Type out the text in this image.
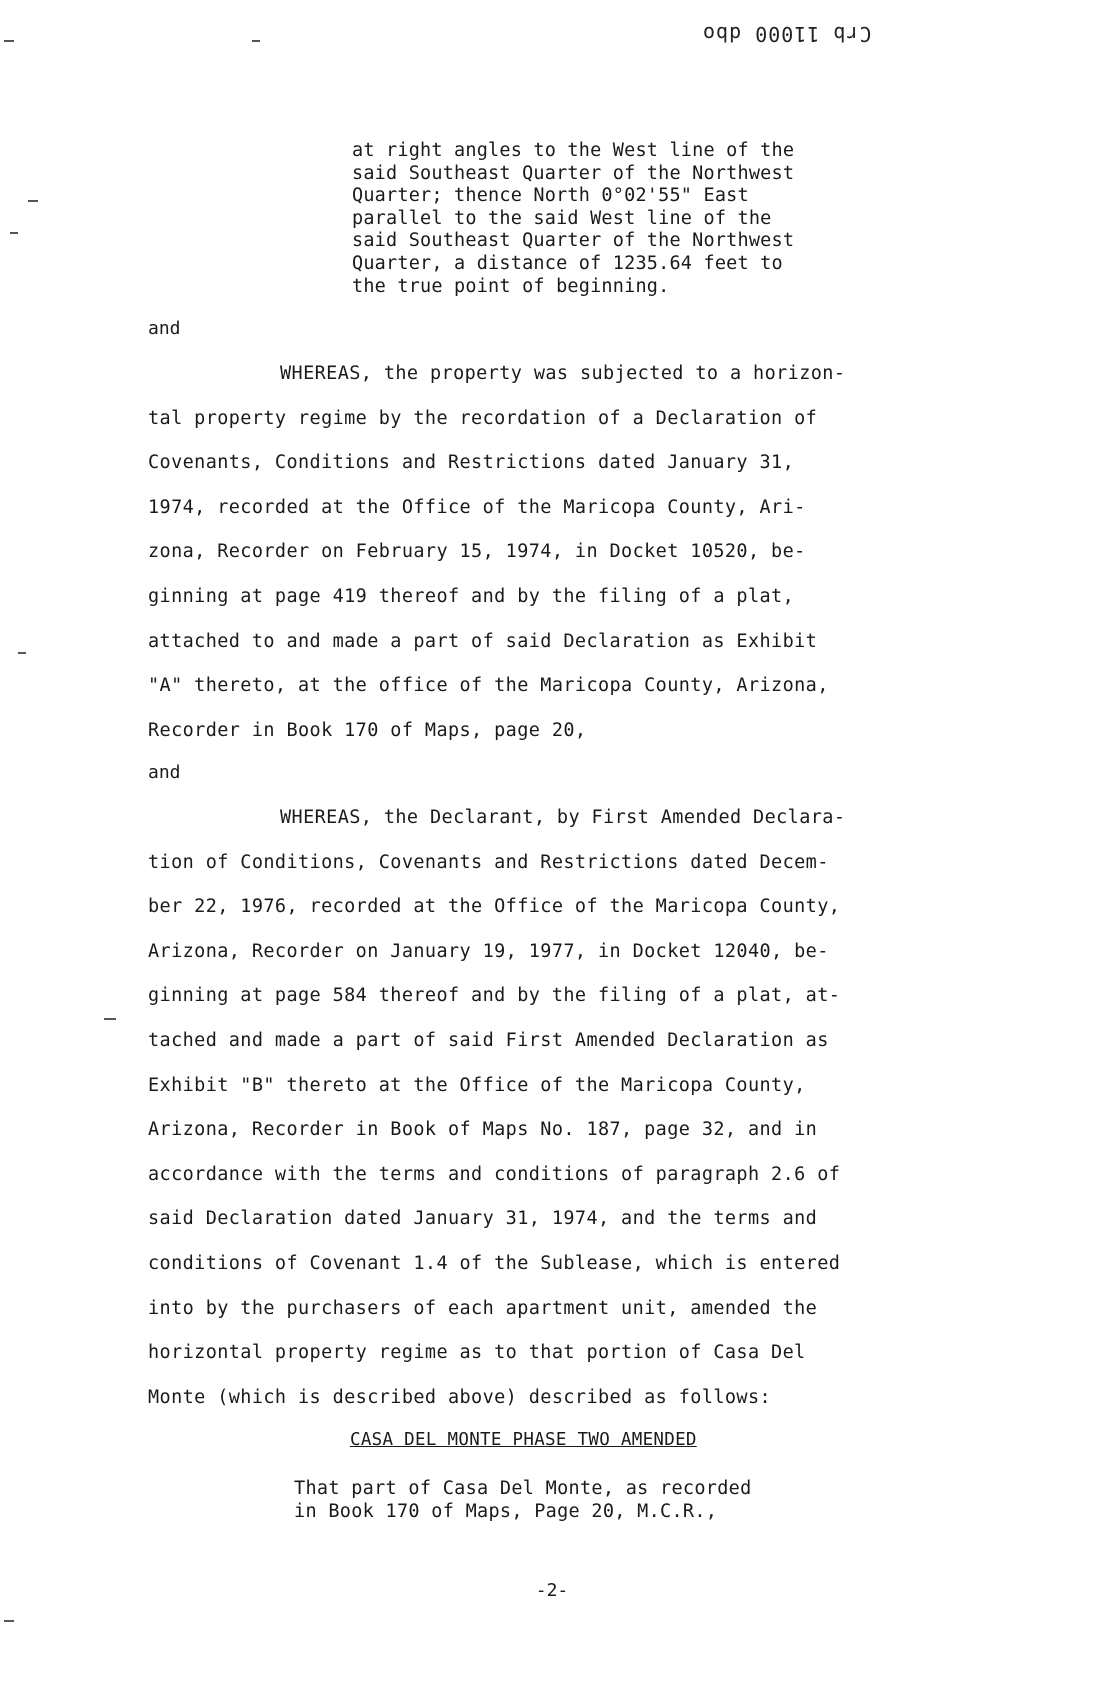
Crb 11000 dbo
at right angles to the West line of the
said Southeast Quarter of the Northwest
Quarter; thence North 0°02'55" East
parallel to the said West line of the
said Southeast Quarter of the Northwest
Quarter, a distance of 1235.64 feet to
the true point of beginning.
and
WHEREAS, the property was subjected to a horizon-
tal property regime by the recordation of a Declaration of
Covenants, Conditions and Restrictions dated January 31,
1974, recorded at the Office of the Maricopa County, Ari-
zona, Recorder on February 15, 1974, in Docket 10520, be-
ginning at page 419 thereof and by the filing of a plat,
attached to and made a part of said Declaration as Exhibit
"A" thereto, at the office of the Maricopa County, Arizona,
Recorder in Book 170 of Maps, page 20,
and
WHEREAS, the Declarant, by First Amended Declara-
tion of Conditions, Covenants and Restrictions dated Decem-
ber 22, 1976, recorded at the Office of the Maricopa County,
Arizona, Recorder on January 19, 1977, in Docket 12040, be-
ginning at page 584 thereof and by the filing of a plat, at-
tached and made a part of said First Amended Declaration as
Exhibit "B" thereto at the Office of the Maricopa County,
Arizona, Recorder in Book of Maps No. 187, page 32, and in
accordance with the terms and conditions of paragraph 2.6 of
said Declaration dated January 31, 1974, and the terms and
conditions of Covenant 1.4 of the Sublease, which is entered
into by the purchasers of each apartment unit, amended the
horizontal property regime as to that portion of Casa Del
Monte (which is described above) described as follows:
CASA DEL MONTE PHASE TWO AMENDED
That part of Casa Del Monte, as recorded
in Book 170 of Maps, Page 20, M.C.R.,
-2-
